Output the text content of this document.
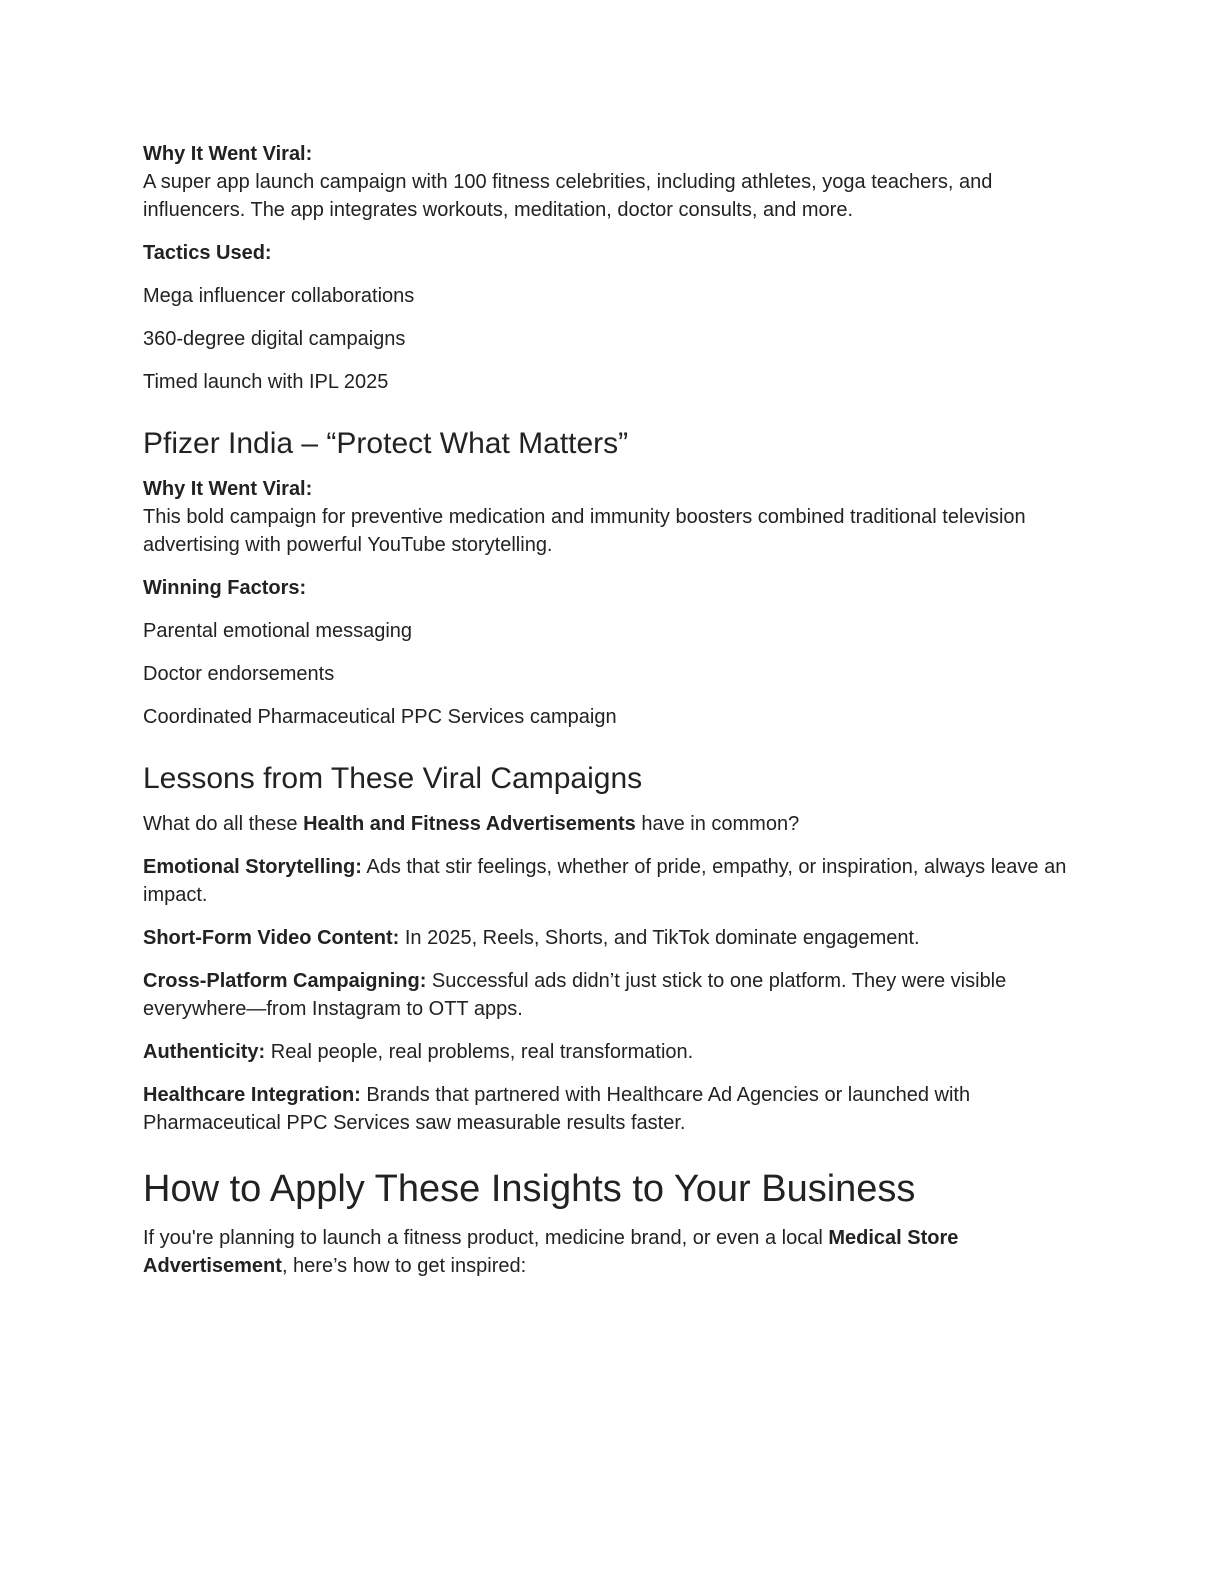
Why It Went Viral:

A super app launch campaign with 100 fitness celebrities, including athletes, yoga teachers, and influencers. The app integrates workouts, meditation, doctor consults, and more.

Tactics Used:

Mega influencer collaborations

360-degree digital campaigns

Timed launch with IPL 2025

Pfizer India – “Protect What Matters”

Why It Went Viral:

This bold campaign for preventive medication and immunity boosters combined traditional television advertising with powerful YouTube storytelling.

Winning Factors:

Parental emotional messaging

Doctor endorsements

Coordinated Pharmaceutical PPC Services campaign

Lessons from These Viral Campaigns

What do all these Health and Fitness Advertisements have in common?

Emotional Storytelling: Ads that stir feelings, whether of pride, empathy, or inspiration, always leave an impact.

Short-Form Video Content: In 2025, Reels, Shorts, and TikTok dominate engagement.

Cross-Platform Campaigning: Successful ads didn’t just stick to one platform. They were visible everywhere—from Instagram to OTT apps.

Authenticity: Real people, real problems, real transformation.

Healthcare Integration: Brands that partnered with Healthcare Ad Agencies or launched with Pharmaceutical PPC Services saw measurable results faster.

How to Apply These Insights to Your Business

If you're planning to launch a fitness product, medicine brand, or even a local Medical Store Advertisement, here’s how to get inspired:
